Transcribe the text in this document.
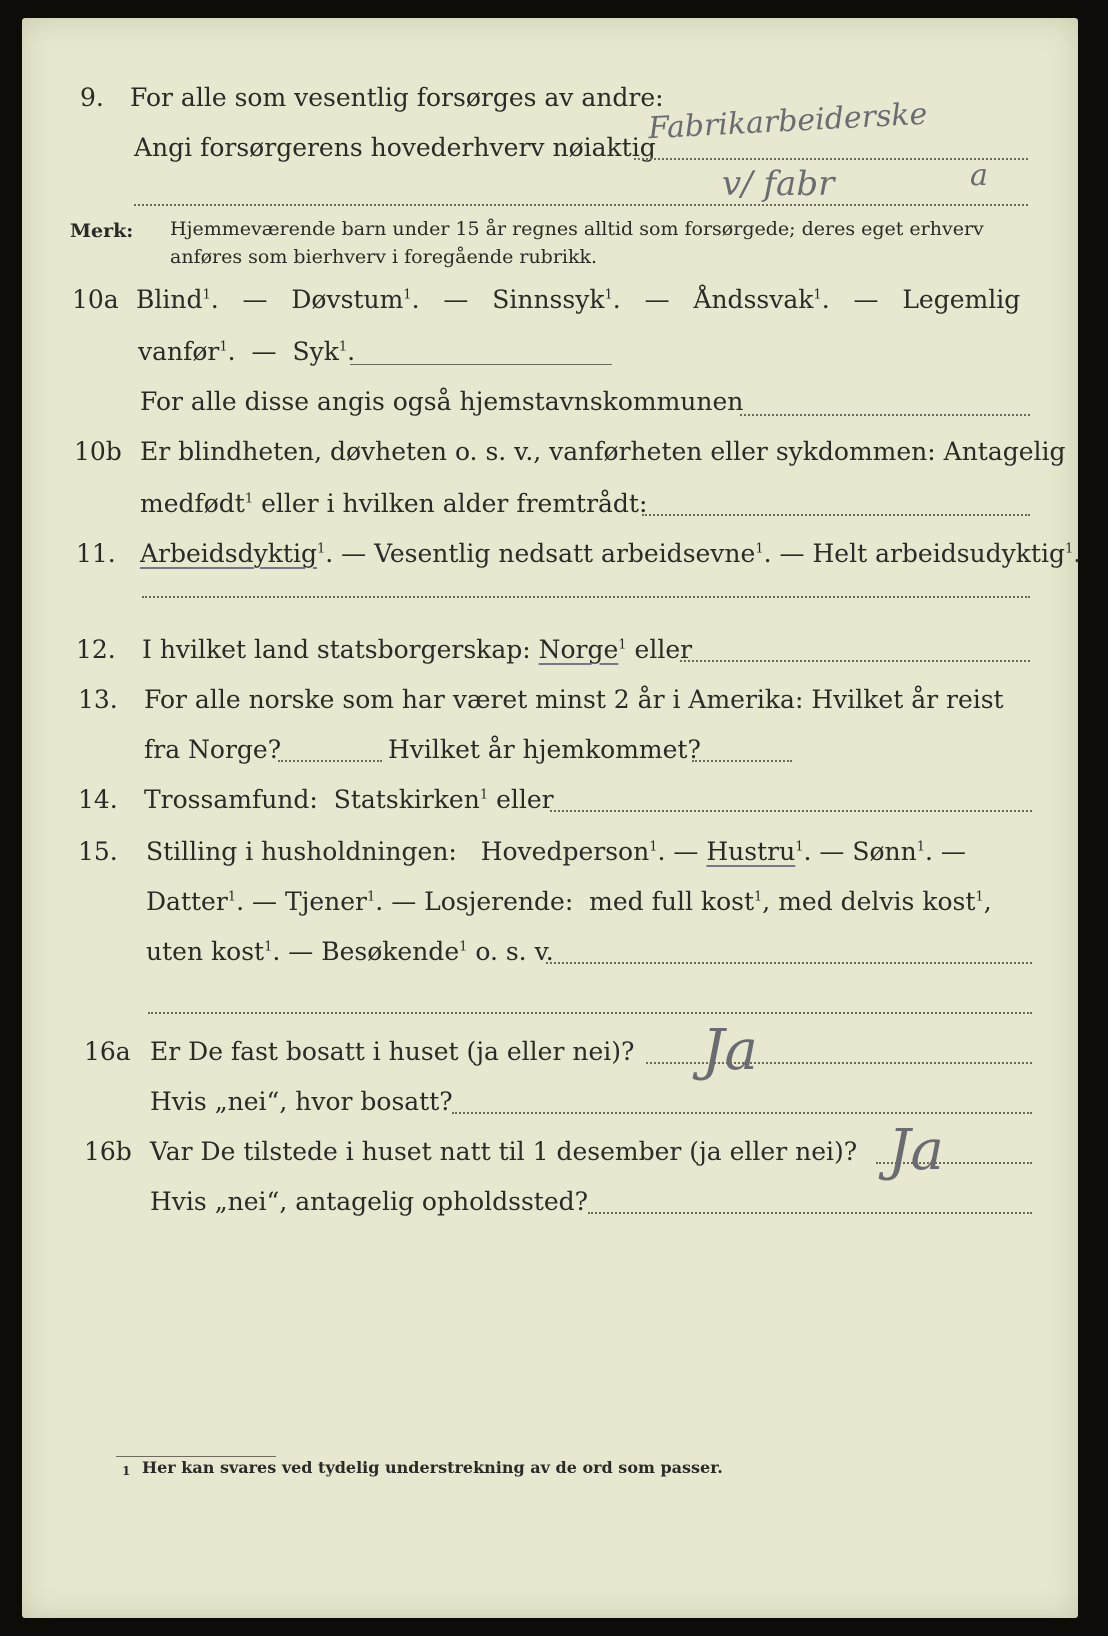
9. For alle som vesentlig forsørges av andre:
Fabrikarbeiderske
Angi forsørgerens hovederhverv nøiaktig
v/ fabr	a
Merk: Hjemmeværende barn under 15 år regnes alltid som forsørgede; deres eget erhverv
anføres som bierhverv i foregående rubrikk.
10a Blind$^1$. — Døvstum$^1$. — Sinnssyk$^1$. — Åndssvak$^1$. — Legemlig
vanfør$^1$. — Syk$^1$.
For alle disse angis også hjemstavnskommunen
10b Er blindheten, døvheten o. s. v., vanførheten eller sykdommen: Antagelig
medfødt$^1$ eller i hvilken alder fremtrådt:
11. Arbeidsdyktig$^1$. — Vesentlig nedsatt arbeidsevne$^1$. — Helt arbeidsudyktig$^1$.
12. I hvilket land statsborgerskap: Norge$^1$ eller
13. For alle norske som har været minst 2 år i Amerika: Hvilket år reist
fra Norge?	Hvilket år hjemkommet?
14. Trossamfund: Statskirken$^1$ eller
15. Stilling i husholdningen: Hovedperson$^1$. — Hustru$^1$. — Sønn$^1$. —
Datter$^1$. — Tjener$^1$. — Losjerende: med full kost$^1$, med delvis kost$^1$,
uten kost$^1$. — Besøkende$^1$ o. s. v.
16a Er De fast bosatt i huset (ja eller nei)? Ja
Hvis „nei“, hvor bosatt?
16b Var De tilstede i huset natt til 1 desember (ja eller nei)? Ja
Hvis „nei“, antagelig opholdssted?
1 Her kan svares ved tydelig understrekning av de ord som passer.
